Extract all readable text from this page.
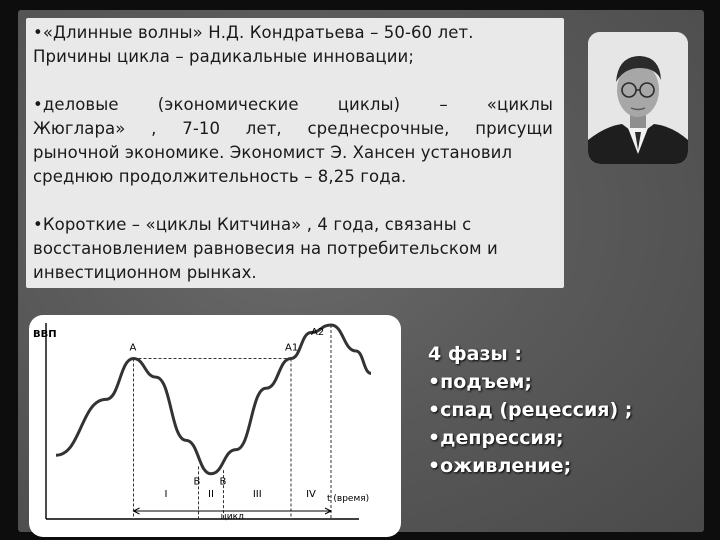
•«Длинные волны» Н.Д. Кондратьева – 50-60 лет.
Причины цикла – радикальные инновации;
•деловые (экономические циклы) – «циклы
Жюглара» , 7-10 лет, среднесрочные, присущи
рыночной экономике. Экономист Э. Хансен установил
среднюю продолжительность – 8,25 года.
•Короткие – «циклы Китчина» , 4 года, связаны с
восстановлением равновесия на потребительском и
инвестиционном рынках.
ВВП
t (время)
A
B B
A1
A2
I	II	III	IV
цикл
4 фазы :
•подъем;
•спад (рецессия) ;
•депрессия;
•оживление;
